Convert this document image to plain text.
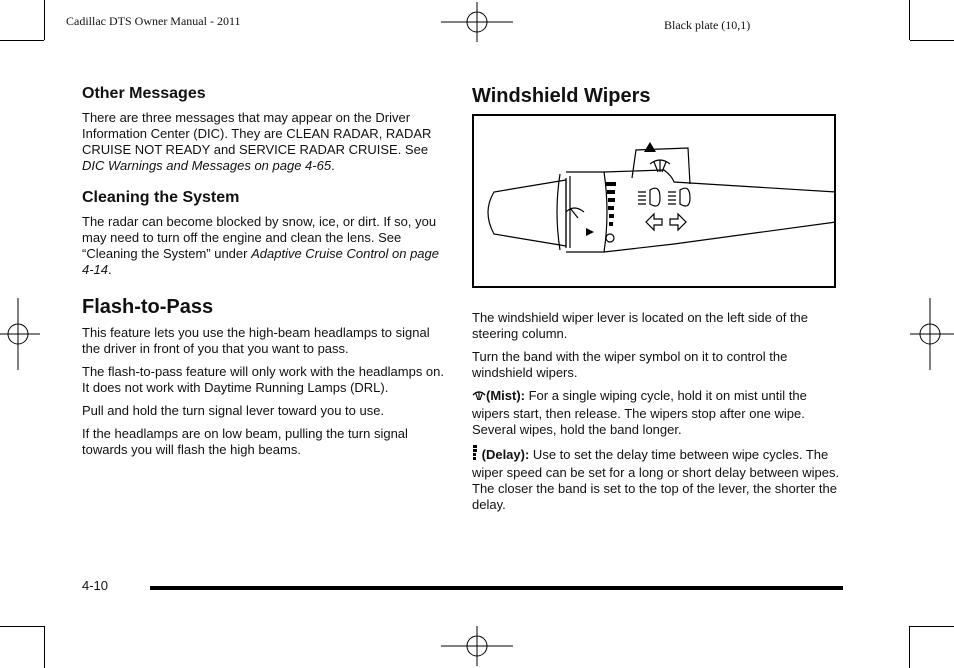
Cadillac DTS Owner Manual - 2011	Black plate (10,1)
Other Messages

There are three messages that may appear on the Driver Information Center (DIC). They are CLEAN RADAR, RADAR CRUISE NOT READY and SERVICE RADAR CRUISE. See DIC Warnings and Messages on page 4-65.

Cleaning the System

The radar can become blocked by snow, ice, or dirt. If so, you may need to turn off the engine and clean the lens. See “Cleaning the System” under Adaptive Cruise Control on page 4-14.

Flash-to-Pass

This feature lets you use the high-beam headlamps to signal the driver in front of you that you want to pass.

The flash-to-pass feature will only work with the headlamps on. It does not work with Daytime Running Lamps (DRL).

Pull and hold the turn signal lever toward you to use.

If the headlamps are on low beam, pulling the turn signal towards you will flash the high beams.

Windshield Wipers

The windshield wiper lever is located on the left side of the steering column.

Turn the band with the wiper symbol on it to control the windshield wipers.

(Mist): For a single wiping cycle, hold it on mist until the wipers start, then release. The wipers stop after one wipe. Several wipes, hold the band longer.

(Delay): Use to set the delay time between wipe cycles. The wiper speed can be set for a long or short delay between wipes. The closer the band is set to the top of the lever, the shorter the delay.

4-10
